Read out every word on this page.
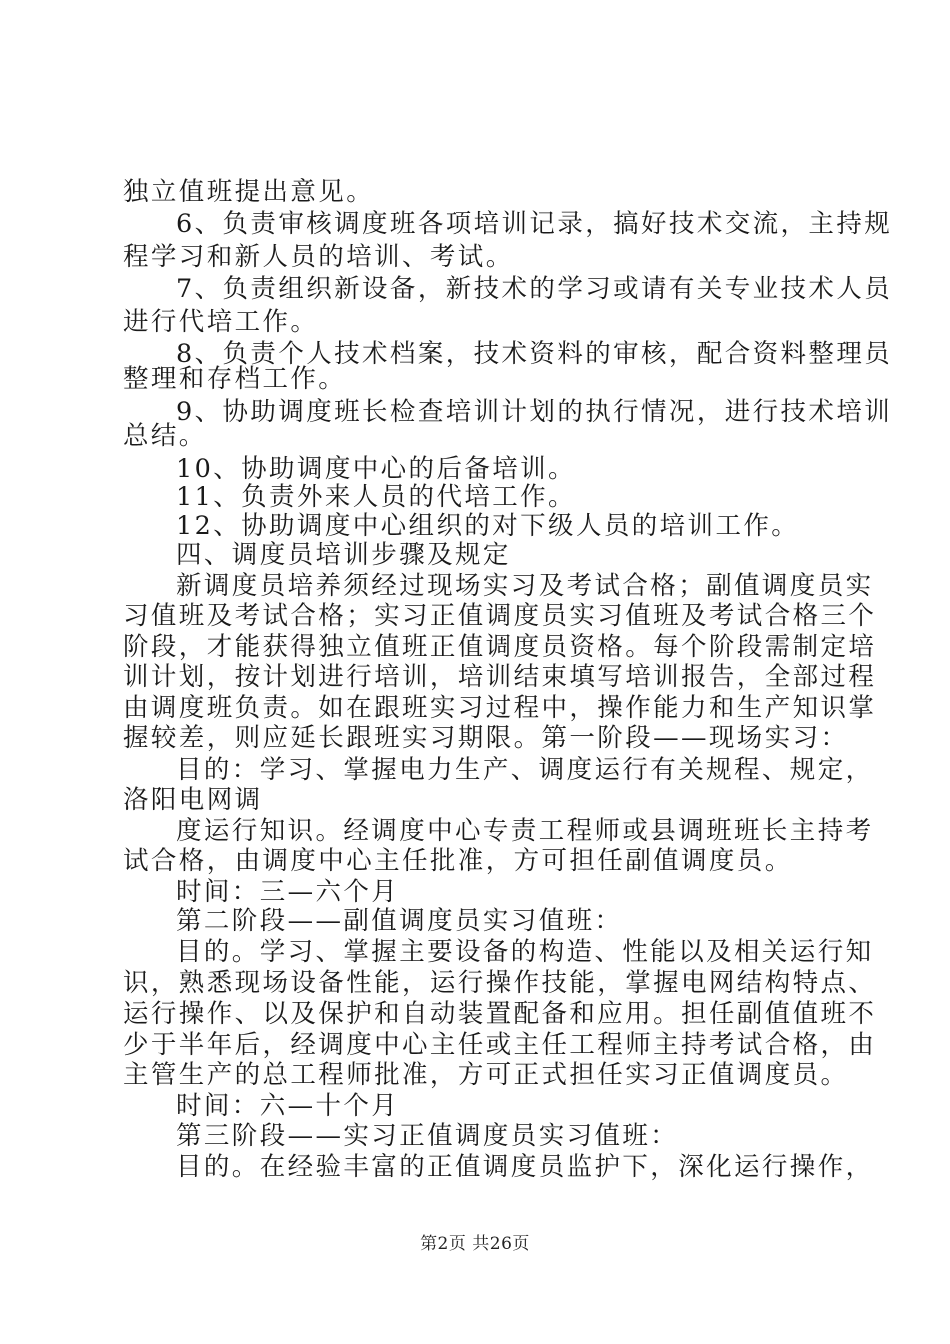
独立值班提出意见。
6、负责审核调度班各项培训记录，搞好技术交流，主持规
程学习和新人员的培训、考试。
7、负责组织新设备，新技术的学习或请有关专业技术人员
进行代培工作。
8、负责个人技术档案，技术资料的审核，配合资料整理员
整理和存档工作。
9、协助调度班长检查培训计划的执行情况，进行技术培训
总结。
10、协助调度中心的后备培训。
11、负责外来人员的代培工作。
12、协助调度中心组织的对下级人员的培训工作。
四、调度员培训步骤及规定
新调度员培养须经过现场实习及考试合格；副值调度员实
习值班及考试合格；实习正值调度员实习值班及考试合格三个
阶段，才能获得独立值班正值调度员资格。每个阶段需制定培
训计划，按计划进行培训，培训结束填写培训报告，全部过程
由调度班负责。如在跟班实习过程中，操作能力和生产知识掌
握较差，则应延长跟班实习期限。第一阶段——现场实习：
目的：学习、掌握电力生产、调度运行有关规程、规定，
洛阳电网调
度运行知识。经调度中心专责工程师或县调班班长主持考
试合格，由调度中心主任批准，方可担任副值调度员。
时间：三—六个月
第二阶段——副值调度员实习值班：
目的。学习、掌握主要设备的构造、性能以及相关运行知
识，熟悉现场设备性能，运行操作技能，掌握电网结构特点、
运行操作、以及保护和自动装置配备和应用。担任副值值班不
少于半年后，经调度中心主任或主任工程师主持考试合格，由
主管生产的总工程师批准，方可正式担任实习正值调度员。
时间：六—十个月
第三阶段——实习正值调度员实习值班：
目的。在经验丰富的正值调度员监护下，深化运行操作，
第2页 共26页
